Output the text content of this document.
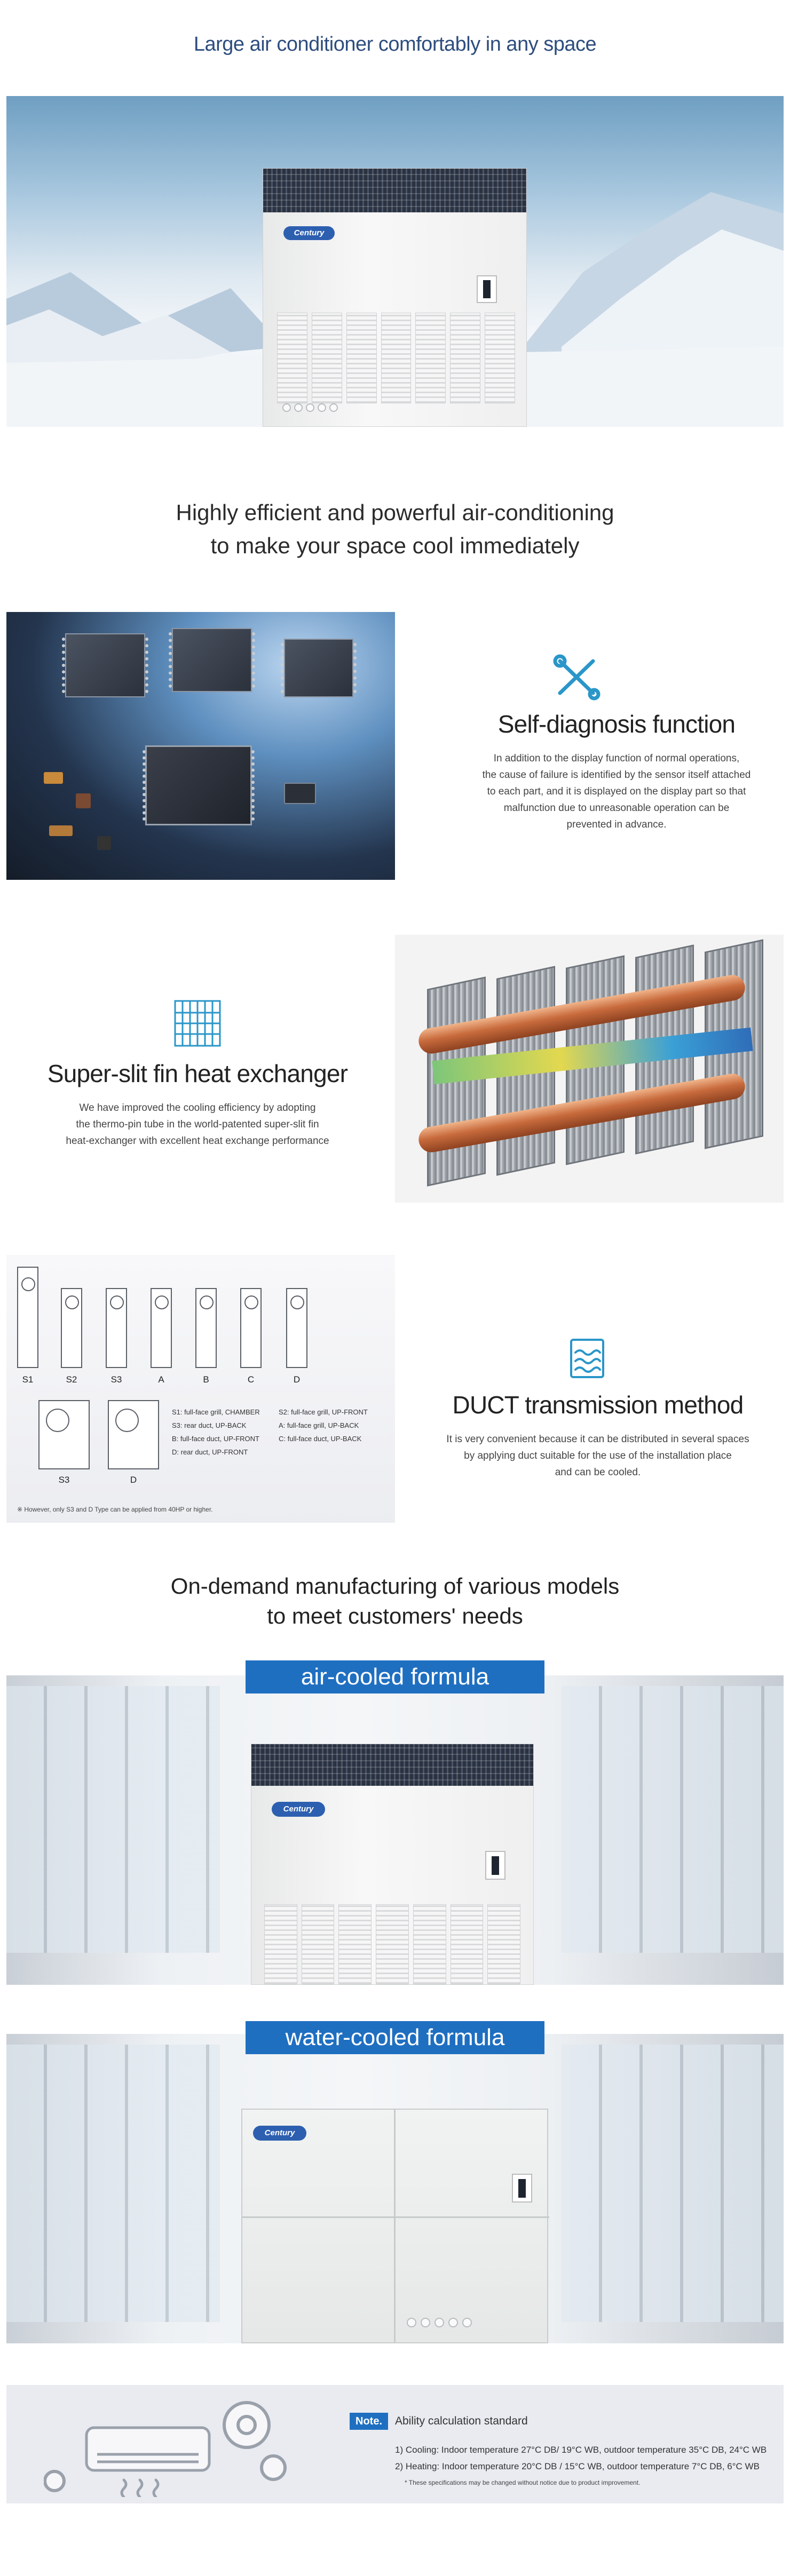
Large air conditioner comfortably in any space
Century
Highly efficient and powerful air-conditioning
to make your space cool immediately
Self-diagnosis function

In addition to the display function of normal operations,

the cause of failure is identified by the sensor itself attached

to each part, and it is displayed on the display part so that

malfunction due to unreasonable operation can be

prevented in advance.

Super-slit fin heat exchanger

We have improved the cooling efficiency by adopting

the thermo-pin tube in the world-patented super-slit fin

heat-exchanger with excellent heat exchange performance

S1	S2	S3	A	B	C	D
S3	D
S1: full-face grill, CHAMBER
S3: rear duct, UP-BACK
B: full-face duct, UP-FRONT
D: rear duct, UP-FRONT
S2: full-face grill, UP-FRONT
A: full-face grill, UP-BACK
C: full-face duct, UP-BACK
※ However, only S3 and D Type can be applied from 40HP or higher.
DUCT transmission method

It is very convenient because it can be distributed in several spaces

by applying duct suitable for the use of the installation place

and can be cooled.

On-demand manufacturing of various models
to meet customers' needs
Century
air-cooled formula
Century
water-cooled formula
Note.	Ability calculation standard
1) Cooling: Indoor temperature 27°C DB/ 19°C WB, outdoor temperature 35°C DB, 24°C WB
2) Heating: Indoor temperature 20°C DB / 15°C WB, outdoor temperature 7°C DB, 6°C WB
* These specifications may be changed without notice due to product improvement.
